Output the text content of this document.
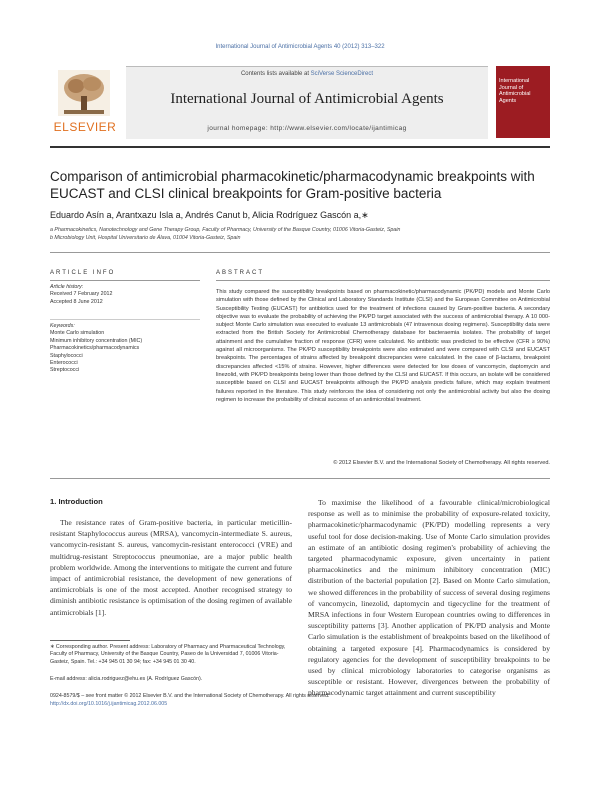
International Journal of Antimicrobial Agents 40 (2012) 313–322
ELSEVIER
Contents lists available at SciVerse ScienceDirect
International Journal of Antimicrobial Agents
journal homepage: http://www.elsevier.com/locate/ijantimicag
International Journal of Antimicrobial Agents
Comparison of antimicrobial pharmacokinetic/pharmacodynamic breakpoints with EUCAST and CLSI clinical breakpoints for Gram-positive bacteria
Eduardo Asín a, Arantxazu Isla a, Andrés Canut b, Alicia Rodríguez Gascón a,∗
a Pharmacokinetics, Nanotechnology and Gene Therapy Group, Faculty of Pharmacy, University of the Basque Country, 01006 Vitoria-Gasteiz, Spain
b Microbiology Unit, Hospital Universitario de Álava, 01004 Vitoria-Gasteiz, Spain
ARTICLE INFO
Article history:
Received 7 February 2012
Accepted 8 June 2012
Keywords:
Monte Carlo simulation
Minimum inhibitory concentration (MIC)
Pharmacokinetics/pharmacodynamics
Staphylococci
Enterococci
Streptococci
ABSTRACT
This study compared the susceptibility breakpoints based on pharmacokinetic/pharmacodynamic (PK/PD) models and Monte Carlo simulation with those defined by the Clinical and Laboratory Standards Institute (CLSI) and the European Committee on Antimicrobial Susceptibility Testing (EUCAST) for antibiotics used for the treatment of infections caused by Gram-positive bacteria. A secondary objective was to evaluate the probability of achieving the PK/PD target associated with the success of antimicrobial therapy. A 10 000-subject Monte Carlo simulation was executed to evaluate 13 antimicrobials (47 intravenous dosing regimens). Susceptibility data were extracted from the British Society for Antimicrobial Chemotherapy database for bacteraemia isolates. The probability of target attainment and the cumulative fraction of response (CFR) were calculated. No antibiotic was predicted to be effective (CFR ≥ 90%) against all microorganisms. The PK/PD susceptibility breakpoints were also estimated and were compared with CLSI and EUCAST breakpoints. The percentages of strains affected by breakpoint discrepancies were calculated. In the case of β-lactams, breakpoint discrepancies affected <15% of strains. However, higher differences were detected for low doses of vancomycin, daptomycin and linezolid, with PK/PD breakpoints being lower than those defined by the CLSI and EUCAST. If this occurs, an isolate will be considered susceptible based on CLSI and EUCAST breakpoints although the PK/PD analysis predicts failure, which may explain treatment failures reported in the literature. This study reinforces the idea of considering not only the antimicrobial activity but also the dosing regimen to increase the probability of clinical success of an antimicrobial treatment.
© 2012 Elsevier B.V. and the International Society of Chemotherapy. All rights reserved.
1. Introduction
The resistance rates of Gram-positive bacteria, in particular meticillin-resistant Staphylococcus aureus (MRSA), vancomycin-intermediate S. aureus, vancomycin-resistant S. aureus, vancomycin-resistant enterococci (VRE) and multidrug-resistant Streptococcus pneumoniae, are a major public health problem worldwide. Among the interventions to mitigate the current and future impact of antimicrobial resistance, the development of new generations of antimicrobials is one of the most accepted. Another recognised strategy to diminish antibiotic resistance is optimisation of the dosing regimen of available antimicrobials [1].
To maximise the likelihood of a favourable clinical/microbiological response as well as to minimise the probability of exposure-related toxicity, pharmacokinetic/pharmacodynamic (PK/PD) modelling represents a very useful tool for dose decision-making. Use of Monte Carlo simulation provides an estimate of an antibiotic dosing regimen's probability of achieving the targeted pharmacodynamic exposure, given uncertainty in patient pharmacokinetics and the minimum inhibitory concentration (MIC) distribution of the bacterial population [2]. Based on Monte Carlo simulation, we showed differences in the probability of success of several dosing regimens of vancomycin, linezolid, daptomycin and tigecycline for the treatment of MRSA infections in four Western European countries owing to differences in susceptibility patterns [3]. Another application of PK/PD analysis and Monte Carlo simulation is the establishment of breakpoints based on the likelihood of obtaining a targeted exposure [4]. Pharmacodynamics is considered by regulatory agencies for the development of susceptibility breakpoints to be used by clinical microbiology laboratories to categorise organisms as susceptible or resistant. However, divergences between the probability of pharmacodynamic target attainment and current susceptibility
∗ Corresponding author. Present address: Laboratory of Pharmacy and Pharmaceutical Technology, Faculty of Pharmacy, University of the Basque Country, Paseo de la Universidad 7, 01006 Vitoria-Gasteiz, Spain. Tel.: +34 945 01 30 94; fax: +34 945 01 30 40.
E-mail address: alicia.rodriguez@ehu.es (A. Rodríguez Gascón).
0924-8579/$ – see front matter © 2012 Elsevier B.V. and the International Society of Chemotherapy. All rights reserved.
http://dx.doi.org/10.1016/j.ijantimicag.2012.06.005
